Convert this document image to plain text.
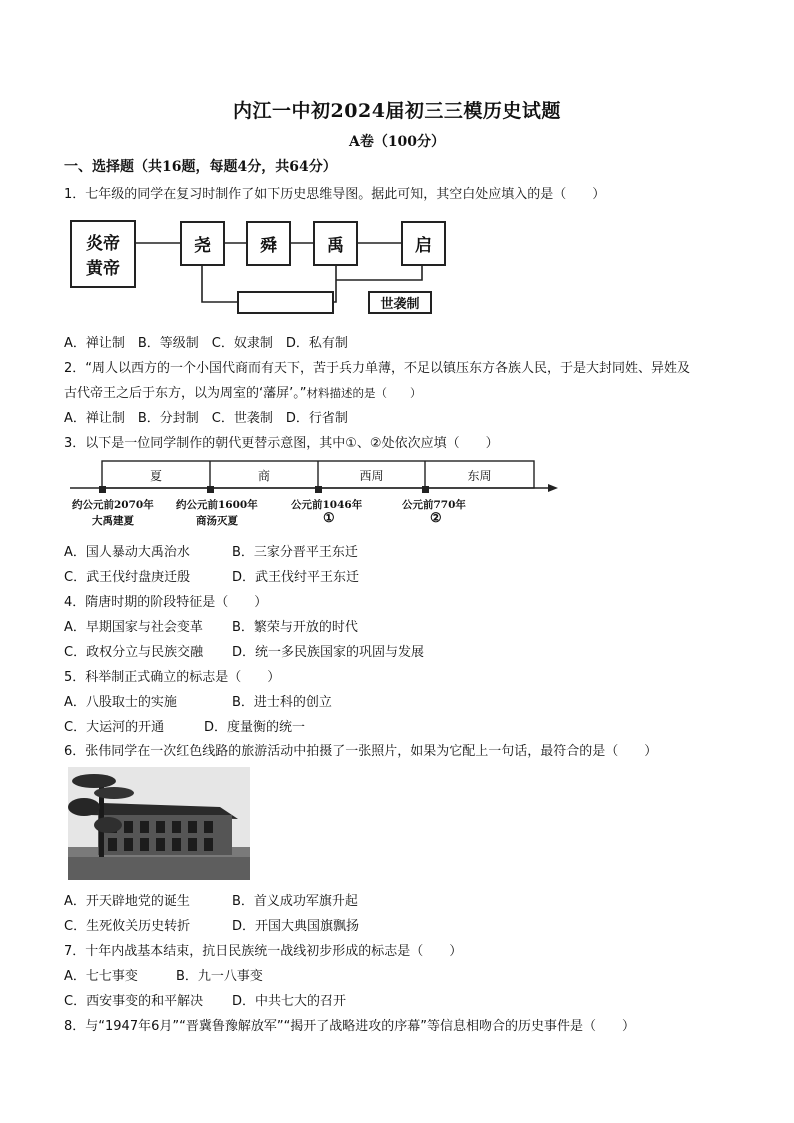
内江一中初2024届初三三模历史试题
A卷（100分）
一、选择题（共16题，每题4分，共64分）
1．七年级的同学在复习时制作了如下历史思维导图。据此可知，其空白处应填入的是（　　）
炎帝
黄帝
尧	舜	禹	启
世袭制
A．禅让制　B．等级制　C．奴隶制　D．私有制
2．“周人以西方的一个小国代商而有天下，苦于兵力单薄，不足以镇压东方各族人民，于是大封同姓、异姓及
古代帝王之后于东方，以为周室的‘藩屏’。”材料描述的是（　　）
A．禅让制　B．分封制　C．世袭制　D．行省制
3．以下是一位同学制作的朝代更替示意图，其中①、②处依次应填（　　）
夏	商	西周	东周
约公元前2070年 约公元前1600年	公元前1046年	公元前770年
大禹建夏	商汤灭夏	①	②
A．国人暴动大禹治水	B．三家分晋平王东迁
C．武王伐纣盘庚迁殷	D．武王伐纣平王东迁
4．隋唐时期的阶段特征是（　　）
A．早期国家与社会变革 B．繁荣与开放的时代
C．政权分立与民族交融 D．统一多民族国家的巩固与发展
5．科举制正式确立的标志是（　　）
A．八股取士的实施	B．进士科的创立
C．大运河的开通	D．度量衡的统一
6．张伟同学在一次红色线路的旅游活动中拍摄了一张照片，如果为它配上一句话，最符合的是（　　）
A．开天辟地党的诞生	B．首义成功军旗升起
C．生死攸关历史转折	D．开国大典国旗飘扬
7．十年内战基本结束，抗日民族统一战线初步形成的标志是（　　）
A．七七事变	B．九一八事变
C．西安事变的和平解决 D．中共七大的召开
8．与“1947年6月”“晋冀鲁豫解放军”“揭开了战略进攻的序幕”等信息相吻合的历史事件是（　　）
